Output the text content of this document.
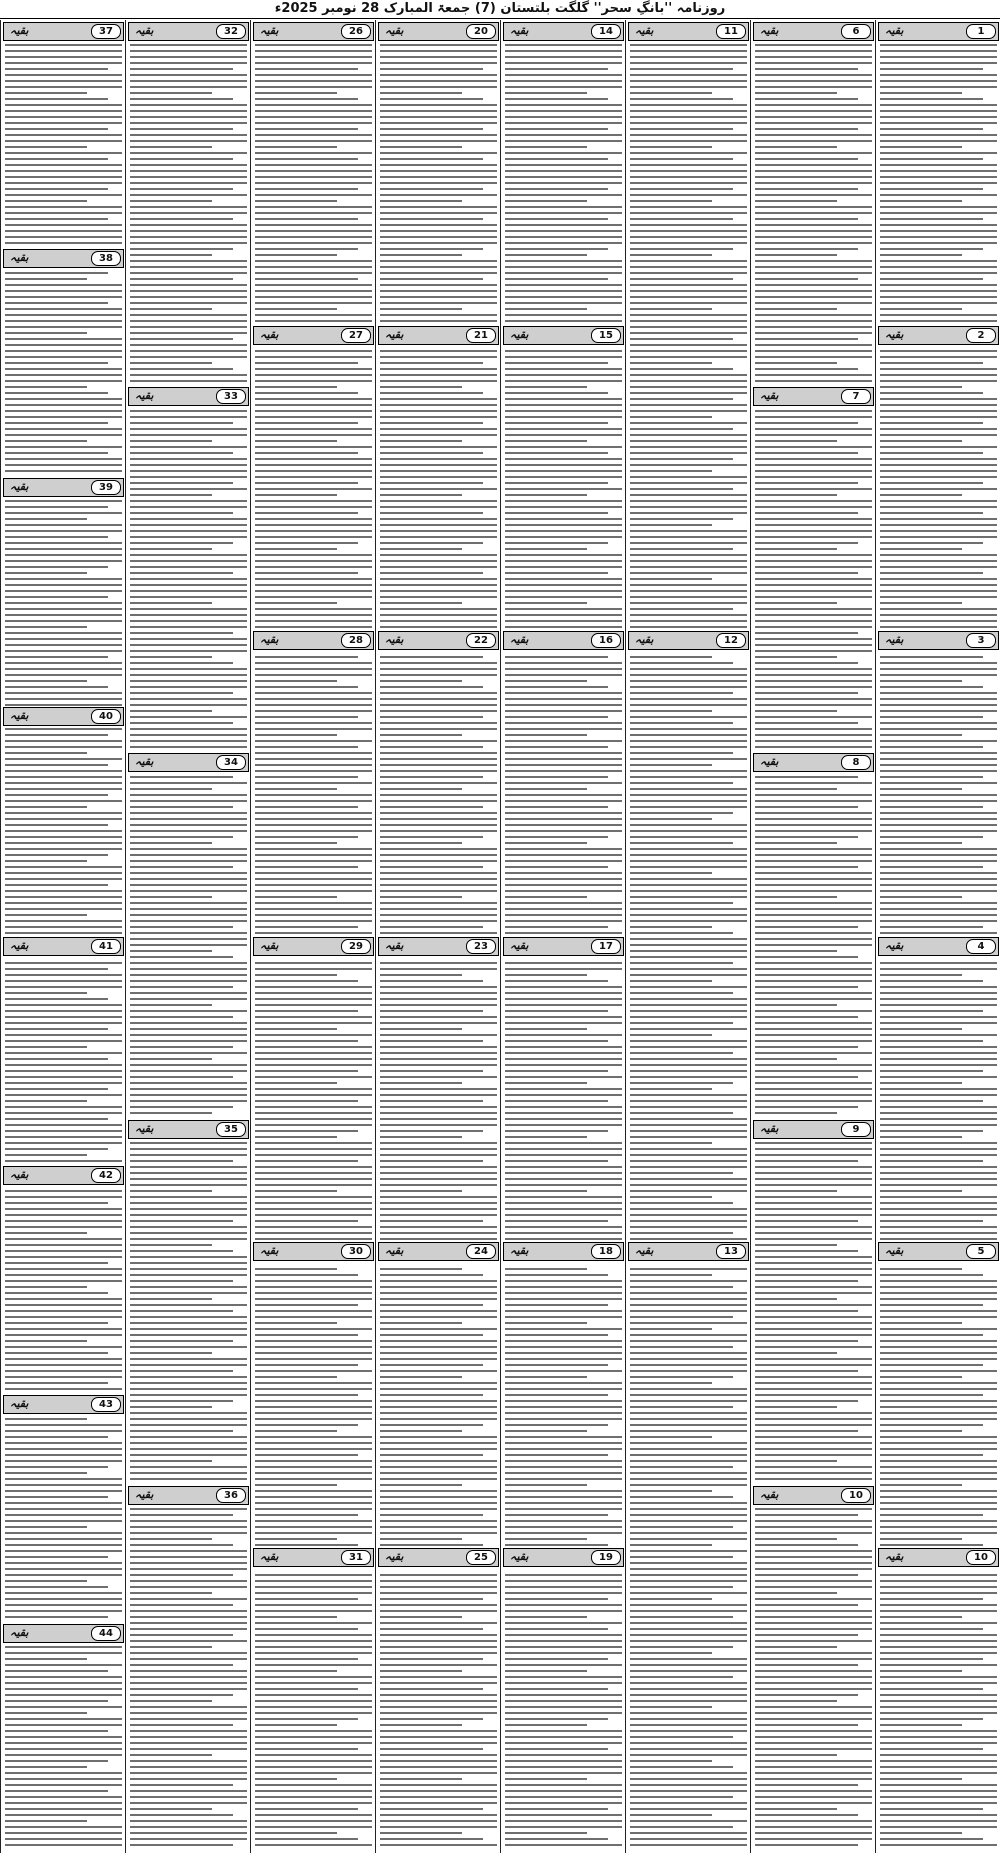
روزنامہ ''بانگِ سحر'' گلگت بلتستان (7) جمعۃ المبارک 28 نومبر 2025ء
بقیہ	1
بقیہ	2
بقیہ	3
بقیہ	4
بقیہ	5
بقیہ	10
بقیہ	6
بقیہ	7
بقیہ	8
بقیہ	9
بقیہ	10
بقیہ	11
بقیہ	12
بقیہ	13
بقیہ	14
بقیہ	15
بقیہ	16
بقیہ	17
بقیہ	18
بقیہ	19
بقیہ	20
بقیہ	21
بقیہ	22
بقیہ	23
بقیہ	24
بقیہ	25
بقیہ	26
بقیہ	27
بقیہ	28
بقیہ	29
بقیہ	30
بقیہ	31
بقیہ	32
بقیہ	33
بقیہ	34
بقیہ	35
بقیہ	36
بقیہ	37
بقیہ	38
بقیہ	39
بقیہ	40
بقیہ	41
بقیہ	42
بقیہ	43
بقیہ	44
